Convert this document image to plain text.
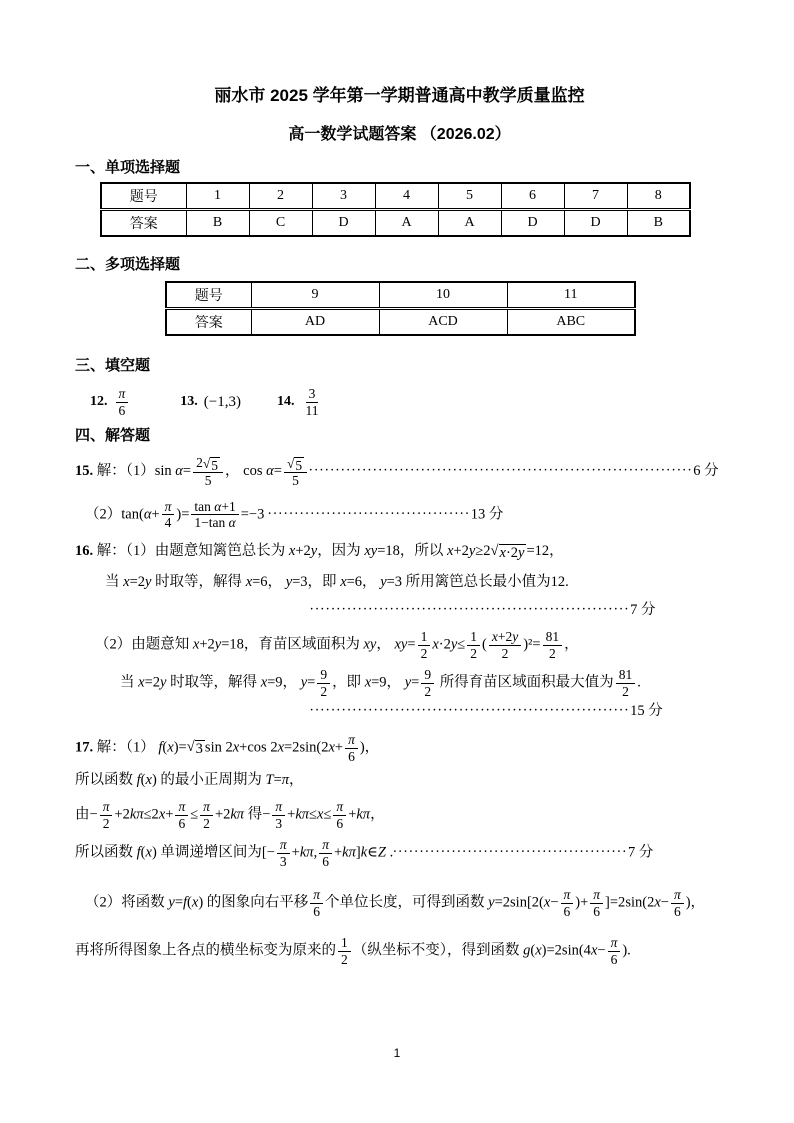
丽水市 2025 学年第一学期普通高中教学质量监控
高一数学试题答案 （2026.02）
一、单项选择题
题号	1	2	3	4	5	6	7	8
答案	B	C	D	A	A	D	D	B
二、多项选择题
题号	9	10	11
答案	AD	ACD	ABC
三、填空题
12. $\frac{\pi}{6}$	13. (−1,3)	14. $\frac{3}{11}$
四、解答题
15. 解：（1）sin $\alpha= \frac{2 √ 5}{5}$ ， $\cos \alpha= \frac{√ 5}{5} \cdot\cdot\cdot\cdot\cdot\cdot\cdot\cdot\cdot\cdot\cdot\cdot\cdot\cdot\cdot\cdot\cdot\cdot\cdot\cdot\cdot\cdot\cdot\cdot\cdot\cdot\cdot\cdot\cdot\cdot\cdot\cdot\cdot\cdot\cdot\cdot\cdot\cdot\cdot\cdot\cdot\cdot\cdot\cdot\cdot\cdot\cdot\cdot\cdot\cdot\cdot\cdot\cdot\cdot\cdot\cdot\cdot\cdot\cdot\cdot\cdot\cdot\cdot\cdot\cdot\cdot\cdot\cdot\cdot\cdot\cdot\cdot 6$ 分
$(2)\tan(\alpha+ \frac{\pi}{4}$ )= $\frac{\text{tan α+1}}{\text{1−tan α}} =-3 \cdot\cdot\cdot\cdot\cdot\cdot\cdot\cdot\cdot\cdot\cdot\cdot\cdot\cdot\cdot\cdot\cdot\cdot\cdot\cdot\cdot\cdot\cdot\cdot\cdot\cdot\cdot\cdot\cdot\cdot\cdot\cdot\cdot\cdot\cdot\cdot\cdot\cdot 13$ 分
16. 解：（1）由题意知篱笆总长为 x+2y，因为 xy=18，所以 x+2y≥2 √ x·2y =12，
当 x=2y 时取等，解得 x=6， y=3，即 x=6， y=3 所用篱笆总长最小值为12.
····························································7 分
（2）由题意知 x+2y=18，育苗区域面积为 xy， $xy= \frac{1}{2} x\cdot 2y\le \frac{1}{2}$ ( $\frac{x+2y}{2} )^2= \frac{81}{2}$ ，
当 x=2y 时取等，解得 x=9， $y= \frac{9}{2}$ ，即 x=9， $y= \frac{9}{2}$ 所得育苗区域面积最大值为 $\frac{81}{2}$ .
····························································15 分
17. 解：（1） f(x)= √ 3 sin 2x+cos $2x=2\sin(2x+ \frac{\pi}{6}$ )，
所以函数 f(x) 的最小正周期为 T=π，
由− $\frac{\pi}{2} +2k\pi\le 2x+ \frac{\pi}{6} \le \frac{\pi}{2} +2k\pi$ 得− $\frac{\pi}{3} +k\pi\le x\le \frac{\pi}{6} +k\pi$，
所以函数 f(x) 单调递增区间为[− $\frac{\pi}{3} +k\pi$, $\frac{\pi}{6}$ +kπ]k∈Z .············································7 分
（2）将函数 y=f(x) 的图象向右平移 $\frac{\pi}{6}$ 个单位长度，可得到函数 $y=2\sin[2(x- \frac{\pi}{6}$ )+ $\frac{\pi}{6} ]=2\sin(2x- \frac{\pi}{6}$ )，
再将所得图象上各点的横坐标变为原来的 $\frac{1}{2}$ （纵坐标不变），得到函数 $g(x)=2\sin(4x- \frac{\pi}{6}$ ).
1
